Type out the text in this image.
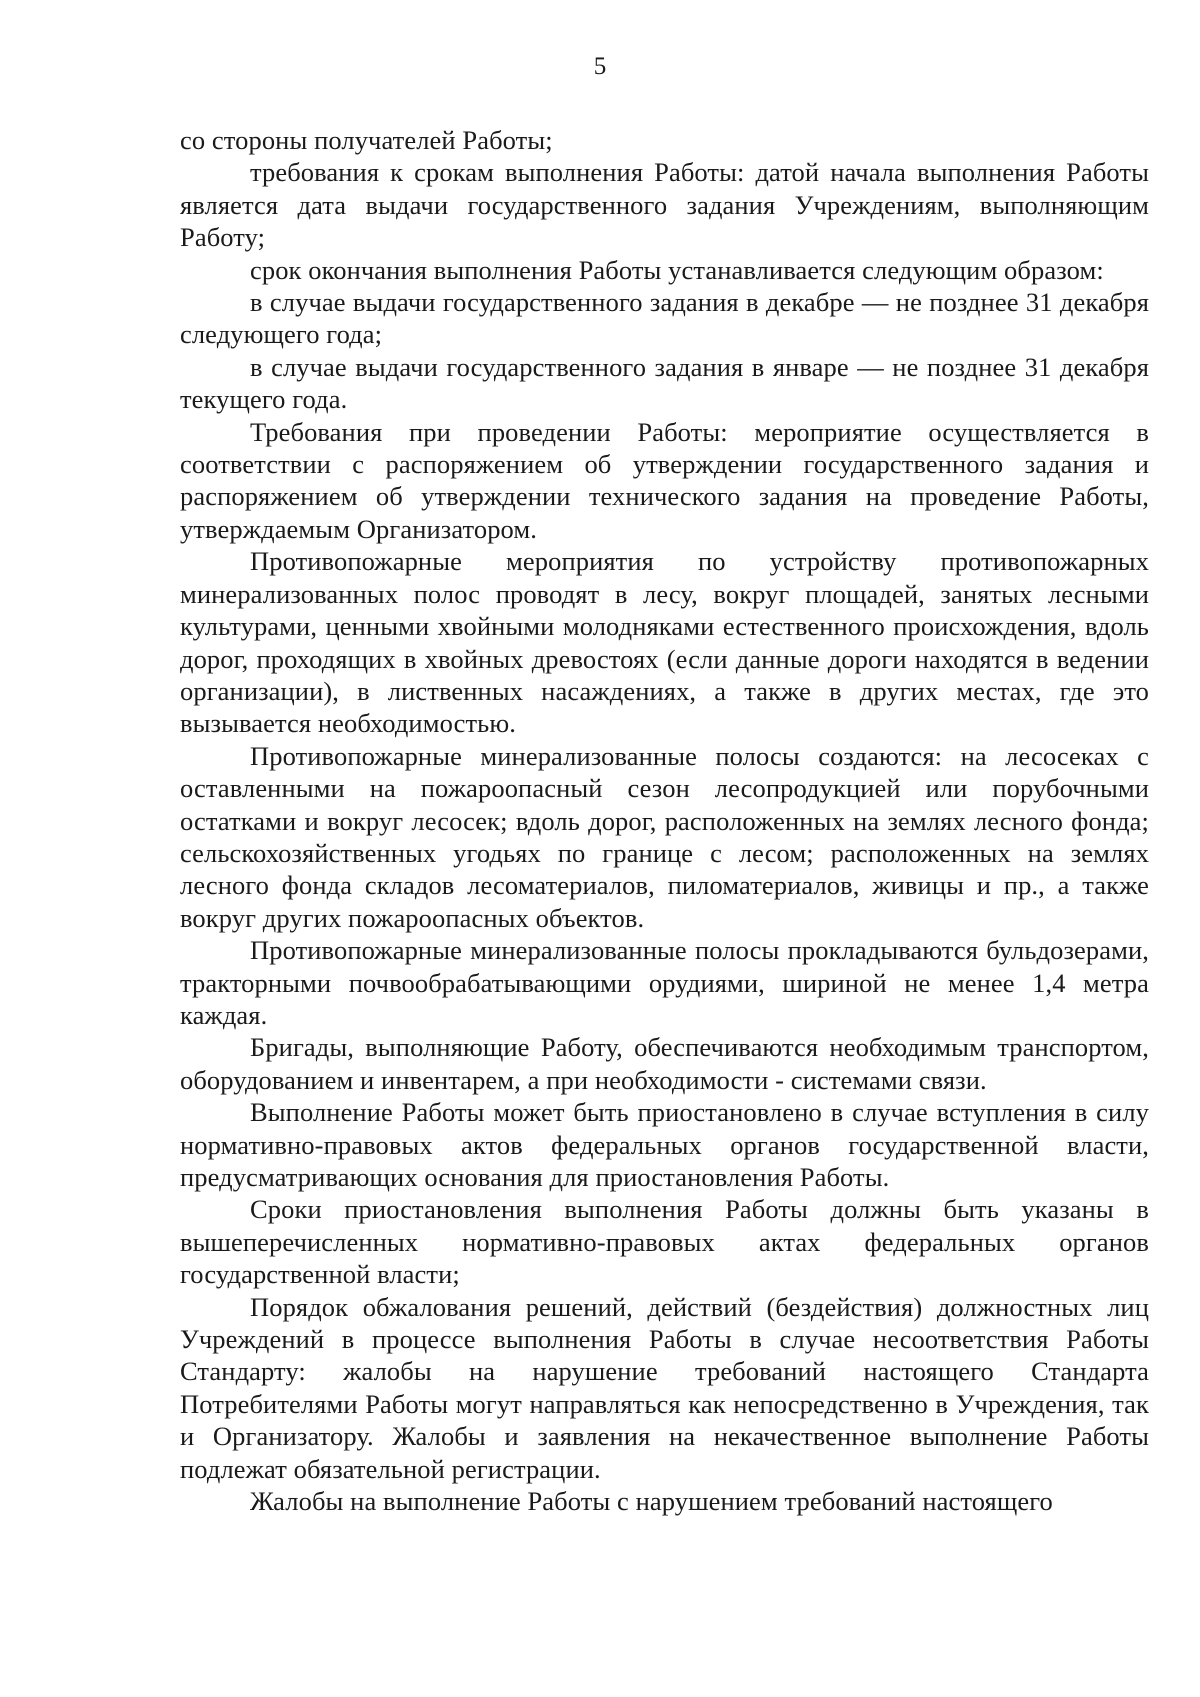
5

со стороны получателей Работы;

требования к срокам выполнения Работы: датой начала выполнения Работы является дата выдачи государственного задания Учреждениям, выполняющим Работу;

срок окончания выполнения Работы устанавливается следующим образом:

в случае выдачи государственного задания в декабре — не позднее 31 декабря следующего года;

в случае выдачи государственного задания в январе — не позднее 31 декабря текущего года.

Требования при проведении Работы: мероприятие осуществляется в соответствии с распоряжением об утверждении государственного задания и распоряжением об утверждении технического задания на проведение Работы, утверждаемым Организатором.

Противопожарные мероприятия по устройству противопожарных минерализованных полос проводят в лесу, вокруг площадей, занятых лесными культурами, ценными хвойными молодняками естественного происхождения, вдоль дорог, проходящих в хвойных древостоях (если данные дороги находятся в ведении организации), в лиственных насаждениях, а также в других местах, где это вызывается необходимостью.

Противопожарные минерализованные полосы создаются: на лесосеках с оставленными на пожароопасный сезон лесопродукцией или порубочными остатками и вокруг лесосек; вдоль дорог, расположенных на землях лесного фонда; сельскохозяйственных угодьях по границе с лесом; расположенных на землях лесного фонда складов лесоматериалов, пиломатериалов, живицы и пр., а также вокруг других пожароопасных объектов.

Противопожарные минерализованные полосы прокладываются бульдозерами, тракторными почвообрабатывающими орудиями, шириной не менее 1,4 метра каждая.

Бригады, выполняющие Работу, обеспечиваются необходимым транспортом, оборудованием и инвентарем, а при необходимости - системами связи.

Выполнение Работы может быть приостановлено в случае вступления в силу нормативно-правовых актов федеральных органов государственной власти, предусматривающих основания для приостановления Работы.

Сроки приостановления выполнения Работы должны быть указаны в вышеперечисленных нормативно-правовых актах федеральных органов государственной власти;

Порядок обжалования решений, действий (бездействия) должностных лиц Учреждений в процессе выполнения Работы в случае несоответствия Работы Стандарту: жалобы на нарушение требований настоящего Стандарта Потребителями Работы могут направляться как непосредственно в Учреждения, так и Организатору. Жалобы и заявления на некачественное выполнение Работы подлежат обязательной регистрации.

Жалобы на выполнение Работы с нарушением требований настоящего
